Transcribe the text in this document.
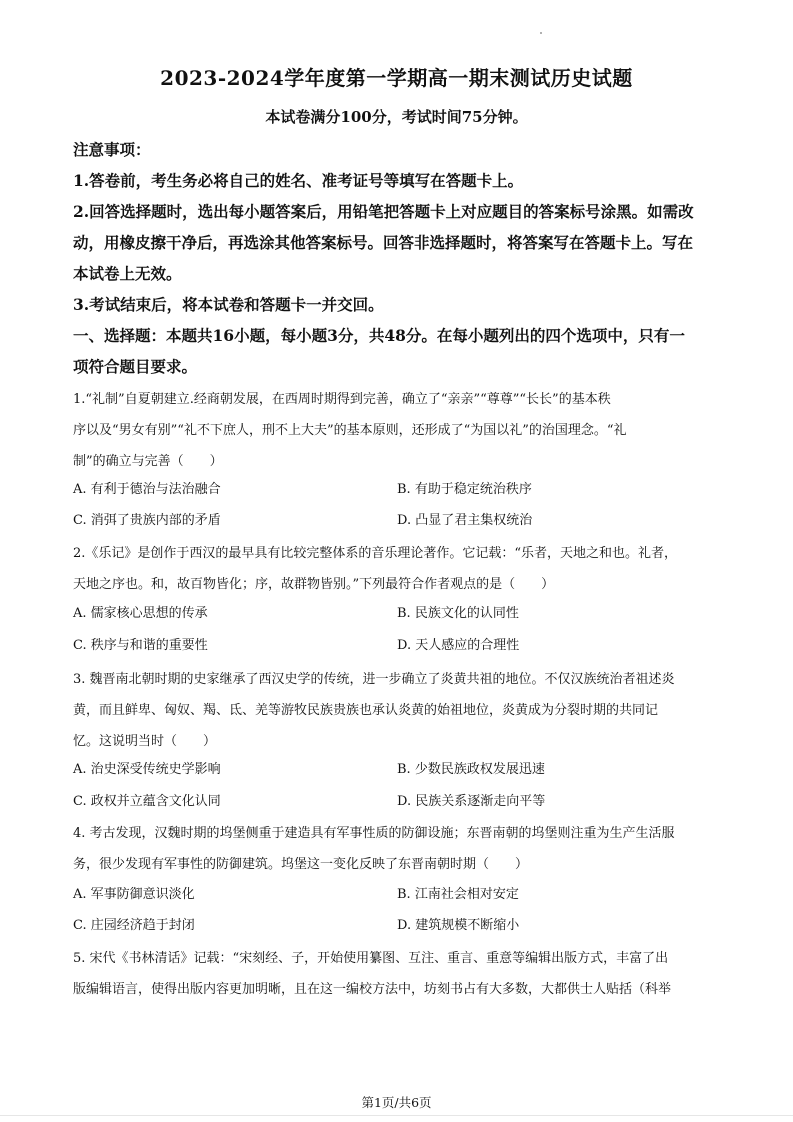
2023-2024学年度第一学期高一期末测试历史试题
本试卷满分100分，考试时间75分钟。

注意事项：

1.答卷前，考生务必将自己的姓名、准考证号等填写在答题卡上。

2.回答选择题时，选出每小题答案后，用铅笔把答题卡上对应题目的答案标号涂黑。如需改

动，用橡皮擦干净后，再选涂其他答案标号。回答非选择题时，将答案写在答题卡上。写在

本试卷上无效。

3.考试结束后，将本试卷和答题卡一并交回。

一、选择题：本题共16小题，每小题3分，共48分。在每小题列出的四个选项中，只有一

项符合题目要求。

1.“礼制”自夏朝建立.经商朝发展，在西周时期得到完善，确立了“亲亲”“尊尊”“长长”的基本秩

序以及“男女有别”“礼不下庶人，刑不上大夫”的基本原则，还形成了“为国以礼”的治国理念。“礼

制”的确立与完善（　　）

A. 有利于德治与法治融合	B. 有助于稳定统治秩序
C. 消弭了贵族内部的矛盾	D. 凸显了君主集权统治

2.《乐记》是创作于西汉的最早具有比较完整体系的音乐理论著作。它记载：“乐者，天地之和也。礼者，

天地之序也。和，故百物皆化；序，故群物皆别。”下列最符合作者观点的是（　　）

A. 儒家核心思想的传承	B. 民族文化的认同性
C. 秩序与和谐的重要性	D. 天人感应的合理性

3. 魏晋南北朝时期的史家继承了西汉史学的传统，进一步确立了炎黄共祖的地位。不仅汉族统治者祖述炎

黄，而且鲜卑、匈奴、羯、氐、羌等游牧民族贵族也承认炎黄的始祖地位，炎黄成为分裂时期的共同记

忆。这说明当时（　　）

A. 治史深受传统史学影响	B. 少数民族政权发展迅速
C. 政权并立蕴含文化认同	D. 民族关系逐渐走向平等

4. 考古发现，汉魏时期的坞堡侧重于建造具有军事性质的防御设施；东晋南朝的坞堡则注重为生产生活服

务，很少发现有军事性的防御建筑。坞堡这一变化反映了东晋南朝时期（　　）

A. 军事防御意识淡化	B. 江南社会相对安定
C. 庄园经济趋于封闭	D. 建筑规模不断缩小

5. 宋代《书林清话》记载：“宋刻经、子，开始使用纂图、互注、重言、重意等编辑出版方式，丰富了出

版编辑语言，使得出版内容更加明晰，且在这一编校方法中，坊刻书占有大多数，大都供士人贴括（科举

第1页/共6页
